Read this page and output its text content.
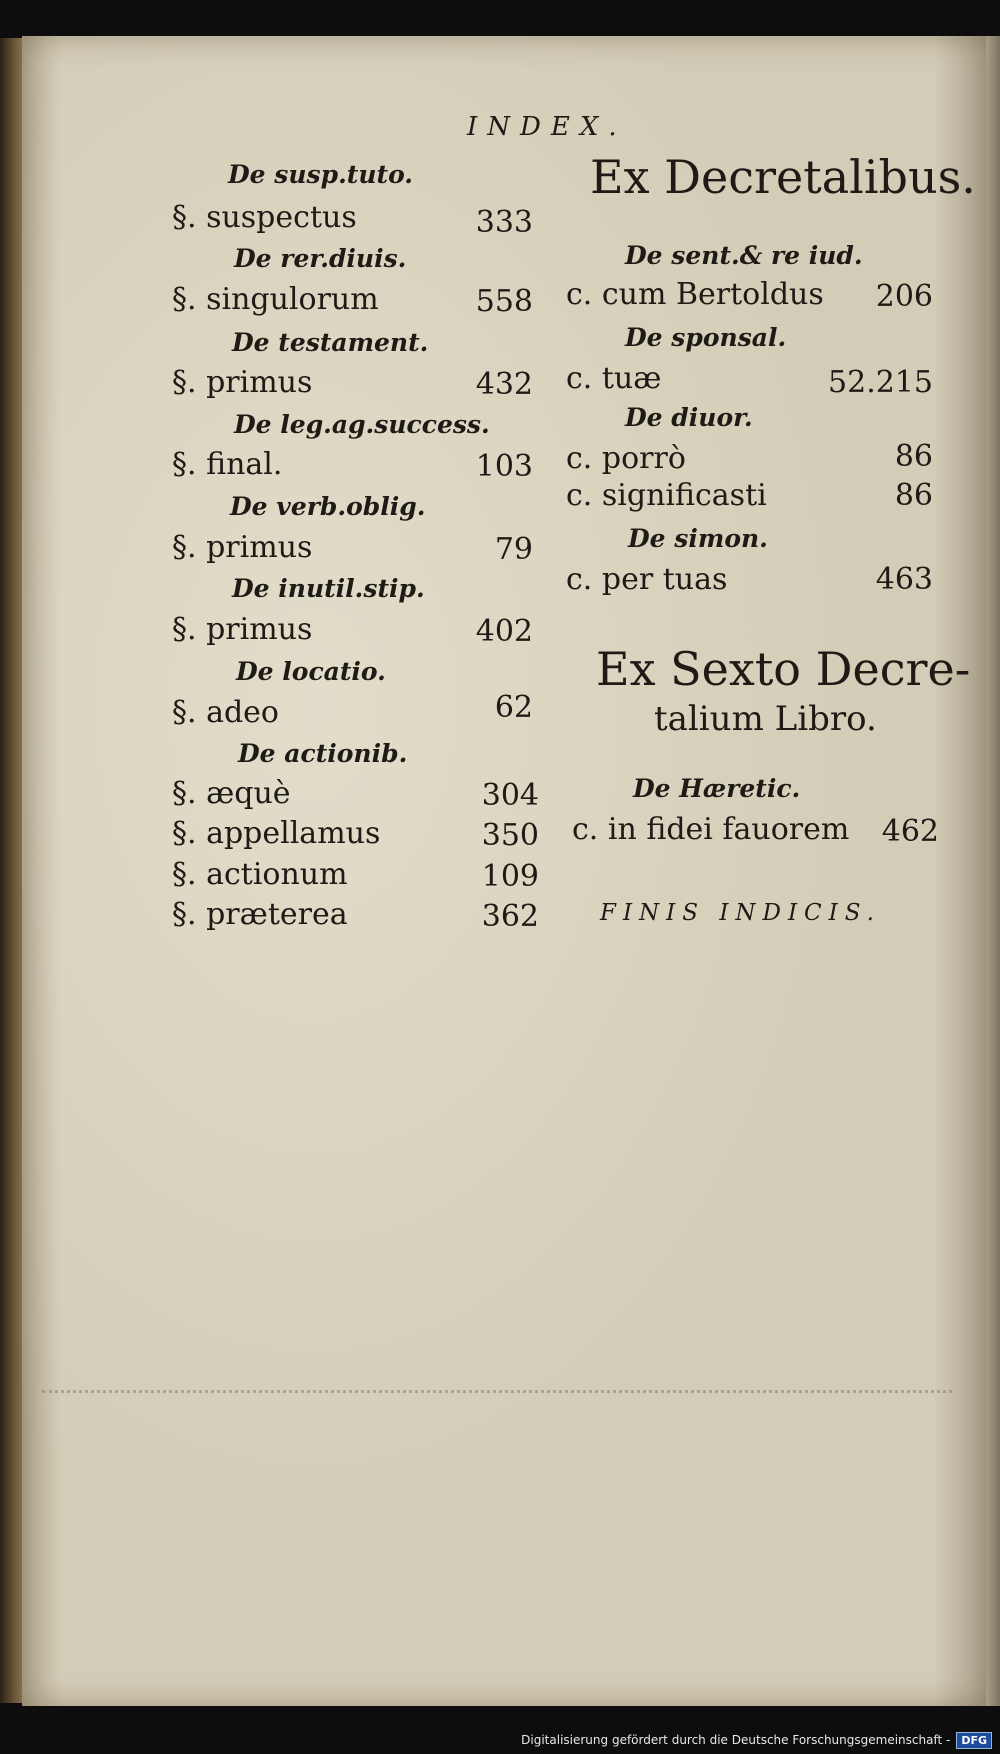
INDEX.
De susp.tuto.
§. suspectus	333
De rer.diuis.
§. singulorum	558
De testament.
§. primus	432
De leg.ag.success.
§. final.	103
De verb.oblig.
§. primus	79
De inutil.stip.
§. primus	402
De locatio.
§. adeo	62
De actionib.
§. æquè	304
§. appellamus	350
§. actionum	109
§. præterea	362
Ex Decretalibus.
De sent.& re iud.
c. cum Bertoldus	206
De sponsal.
c. tuæ	52.215
De diuor.
c. porrò	86
c. significasti	86
De simon.
c. per tuas	463
Ex Sexto Decre-
talium Libro.
De Hæretic.
c. in fidei fauorem	462
FINIS INDICIS.
Digitalisierung gefördert durch die Deutsche Forschungsgemeinschaft -	DFG
